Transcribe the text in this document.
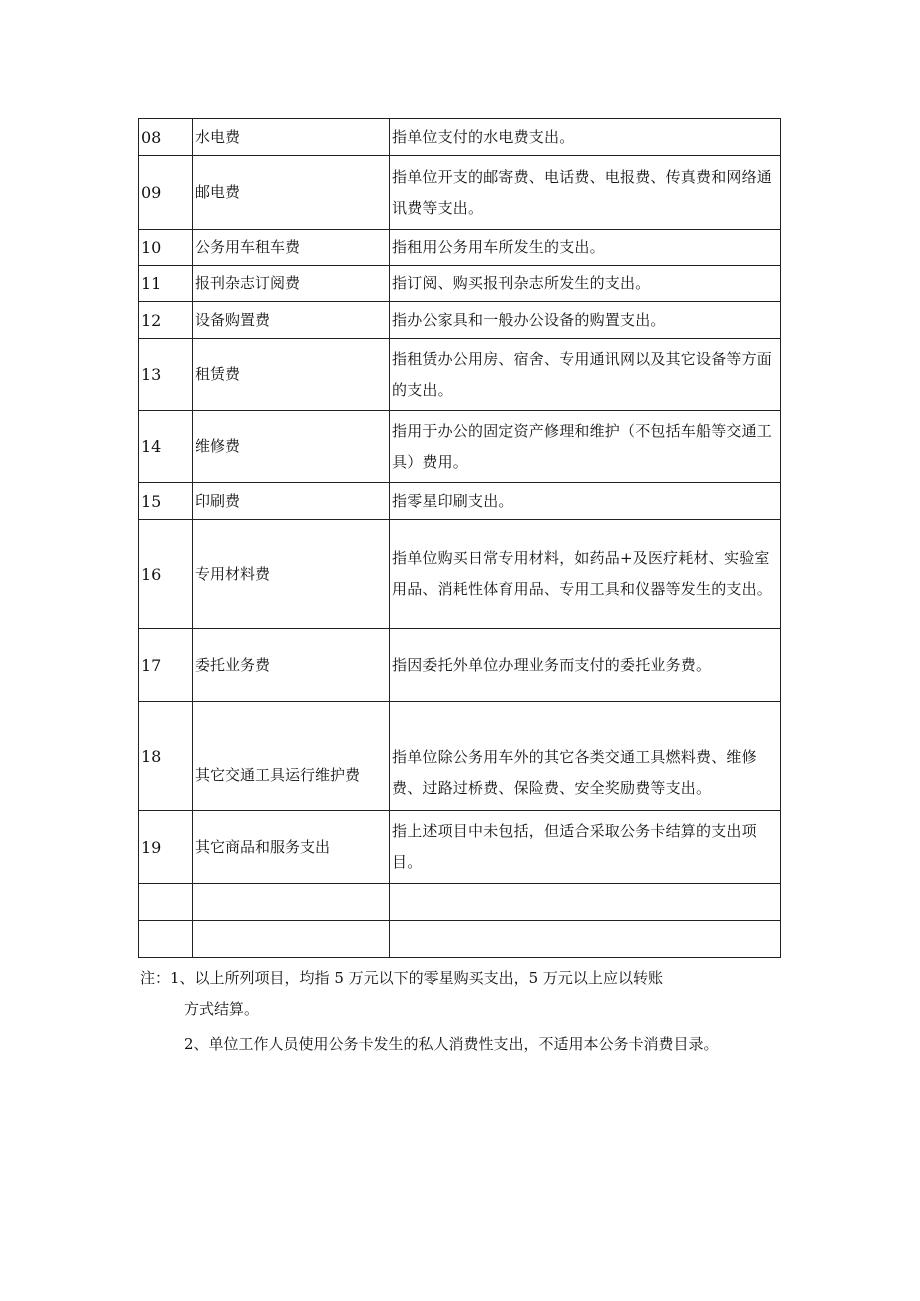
08	水电费	指单位支付的水电费支出。
09	邮电费	指单位开支的邮寄费、电话费、电报费、传真费和网络通讯费等支出。
10	公务用车租车费	指租用公务用车所发生的支出。
11	报刊杂志订阅费	指订阅、购买报刊杂志所发生的支出。
12	设备购置费	指办公家具和一般办公设备的购置支出。
13	租赁费	指租赁办公用房、宿舍、专用通讯网以及其它设备等方面的支出。
14	维修费	指用于办公的固定资产修理和维护（不包括车船等交通工具）费用。
15	印刷费	指零星印刷支出。
16	专用材料费	指单位购买日常专用材料，如药品+及医疗耗材、实验室用品、消耗性体育用品、专用工具和仪器等发生的支出。
17	委托业务费	指因委托外单位办理业务而支付的委托业务费。
18	其它交通工具运行维护费	指单位除公务用车外的其它各类交通工具燃料费、维修费、过路过桥费、保险费、安全奖励费等支出。
19	其它商品和服务支出	指上述项目中未包括，但适合采取公务卡结算的支出项目。

注：1、以上所列项目，均指 5 万元以下的零星购买支出，5 万元以上应以转账

方式结算。

2、单位工作人员使用公务卡发生的私人消费性支出，不适用本公务卡消费目录。
